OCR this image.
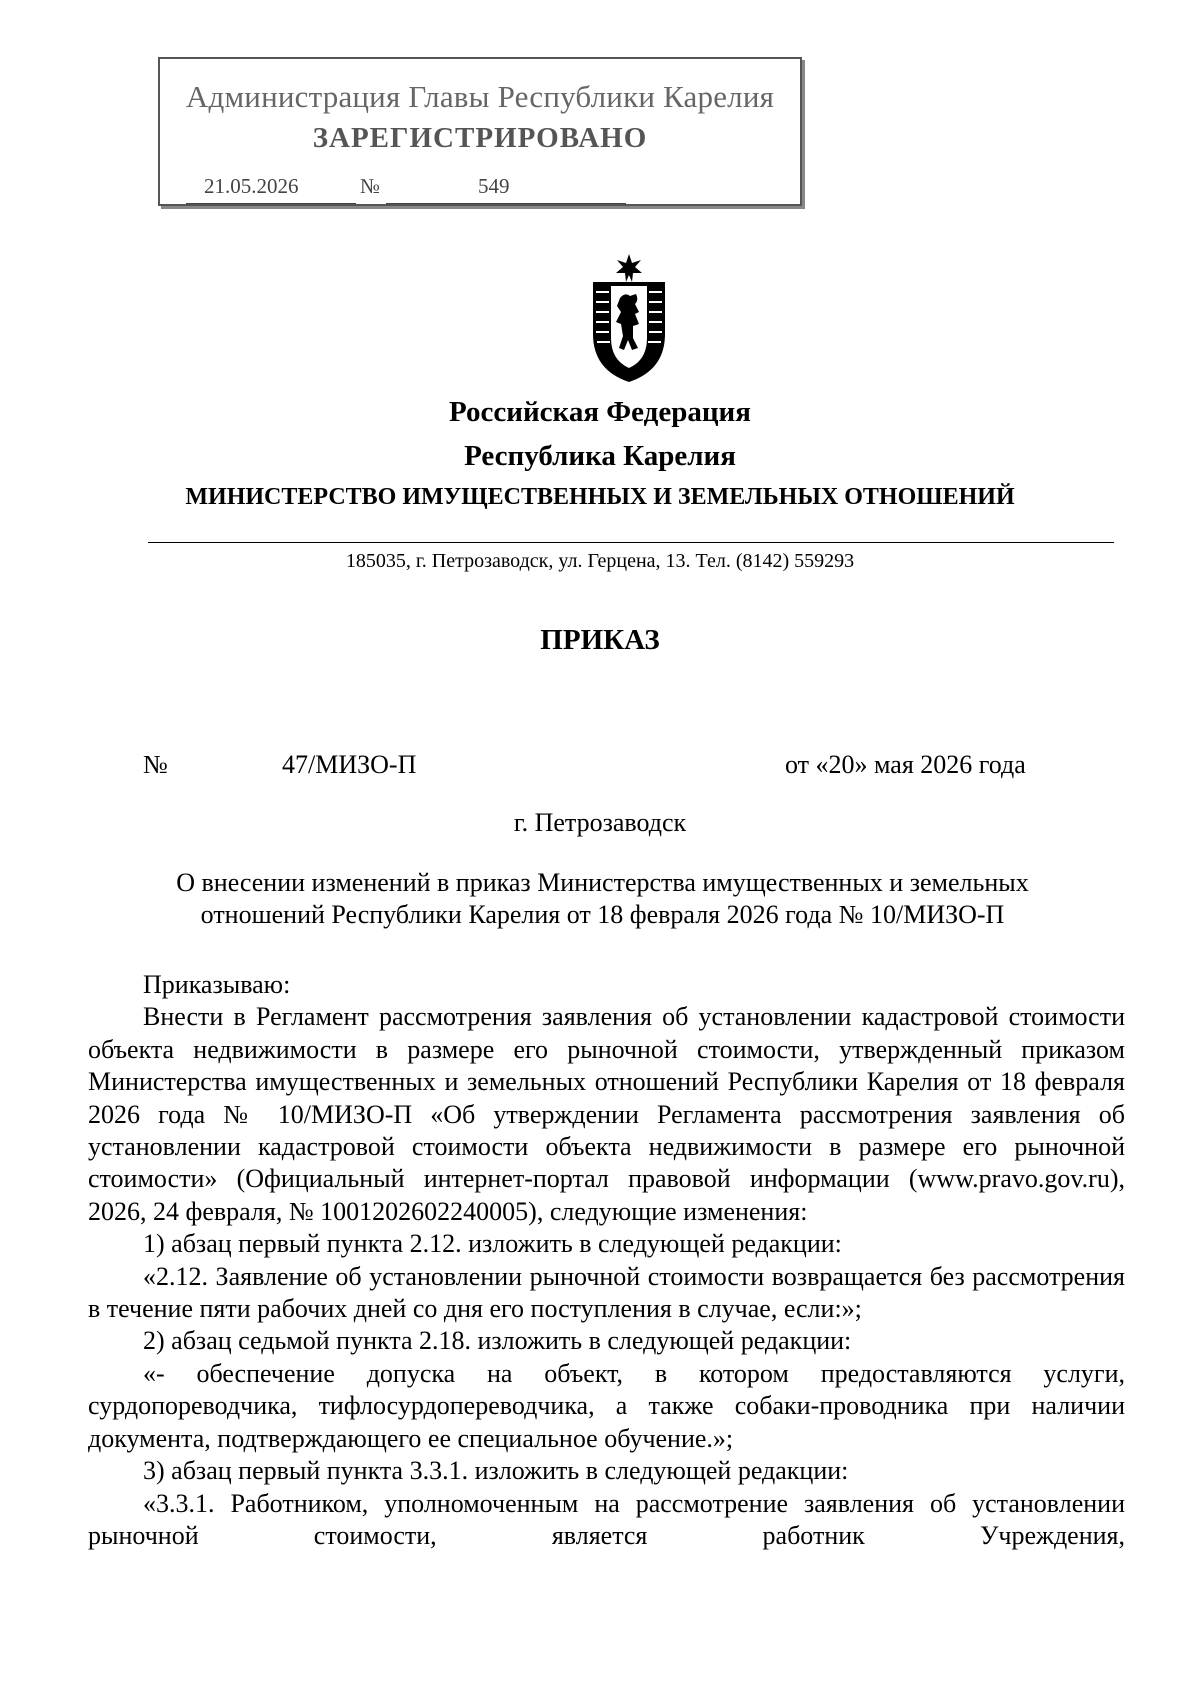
Администрация Главы Республики Карелия
ЗАРЕГИСТРИРОВАНО
21.05.2026	№	549
Российская Федерация
Республика Карелия
МИНИСТЕРСТВО ИМУЩЕСТВЕННЫХ И ЗЕМЕЛЬНЫХ ОТНОШЕНИЙ
185035, г. Петрозаводск, ул. Герцена, 13. Тел. (8142) 559293
ПРИКАЗ
№	47/МИЗО-П	от «20» мая 2026 года
г. Петрозаводск
О внесении изменений в приказ Министерства имущественных и земельных отношений Республики Карелия от 18 февраля 2026 года № 10/МИЗО-П

Приказываю:

Внести в Регламент рассмотрения заявления об установлении кадастровой стоимости объекта недвижимости в размере его рыночной стоимости, утвержденный приказом Министерства имущественных и земельных отношений Республики Карелия от 18 февраля 2026 года № 10/МИЗО-П «Об утверждении Регламента рассмотрения заявления об установлении кадастровой стоимости объекта недвижимости в размере его рыночной стоимости» (Официальный интернет-портал правовой информации (www.pravo.gov.ru), 2026, 24 февраля, № 1001202602240005), следующие изменения:

1) абзац первый пункта 2.12. изложить в следующей редакции:

«2.12. Заявление об установлении рыночной стоимости возвращается без рассмотрения в течение пяти рабочих дней со дня его поступления в случае, если:»;

2) абзац седьмой пункта 2.18. изложить в следующей редакции:

«- обеспечение допуска на объект, в котором предоставляются услуги, сурдопореводчика, тифлосурдопереводчика, а также собаки-проводника при наличии документа, подтверждающего ее специальное обучение.»;

3) абзац первый пункта 3.3.1. изложить в следующей редакции:

«3.3.1. Работником, уполномоченным на рассмотрение заявления об установлении рыночной стоимости, является работник Учреждения,
